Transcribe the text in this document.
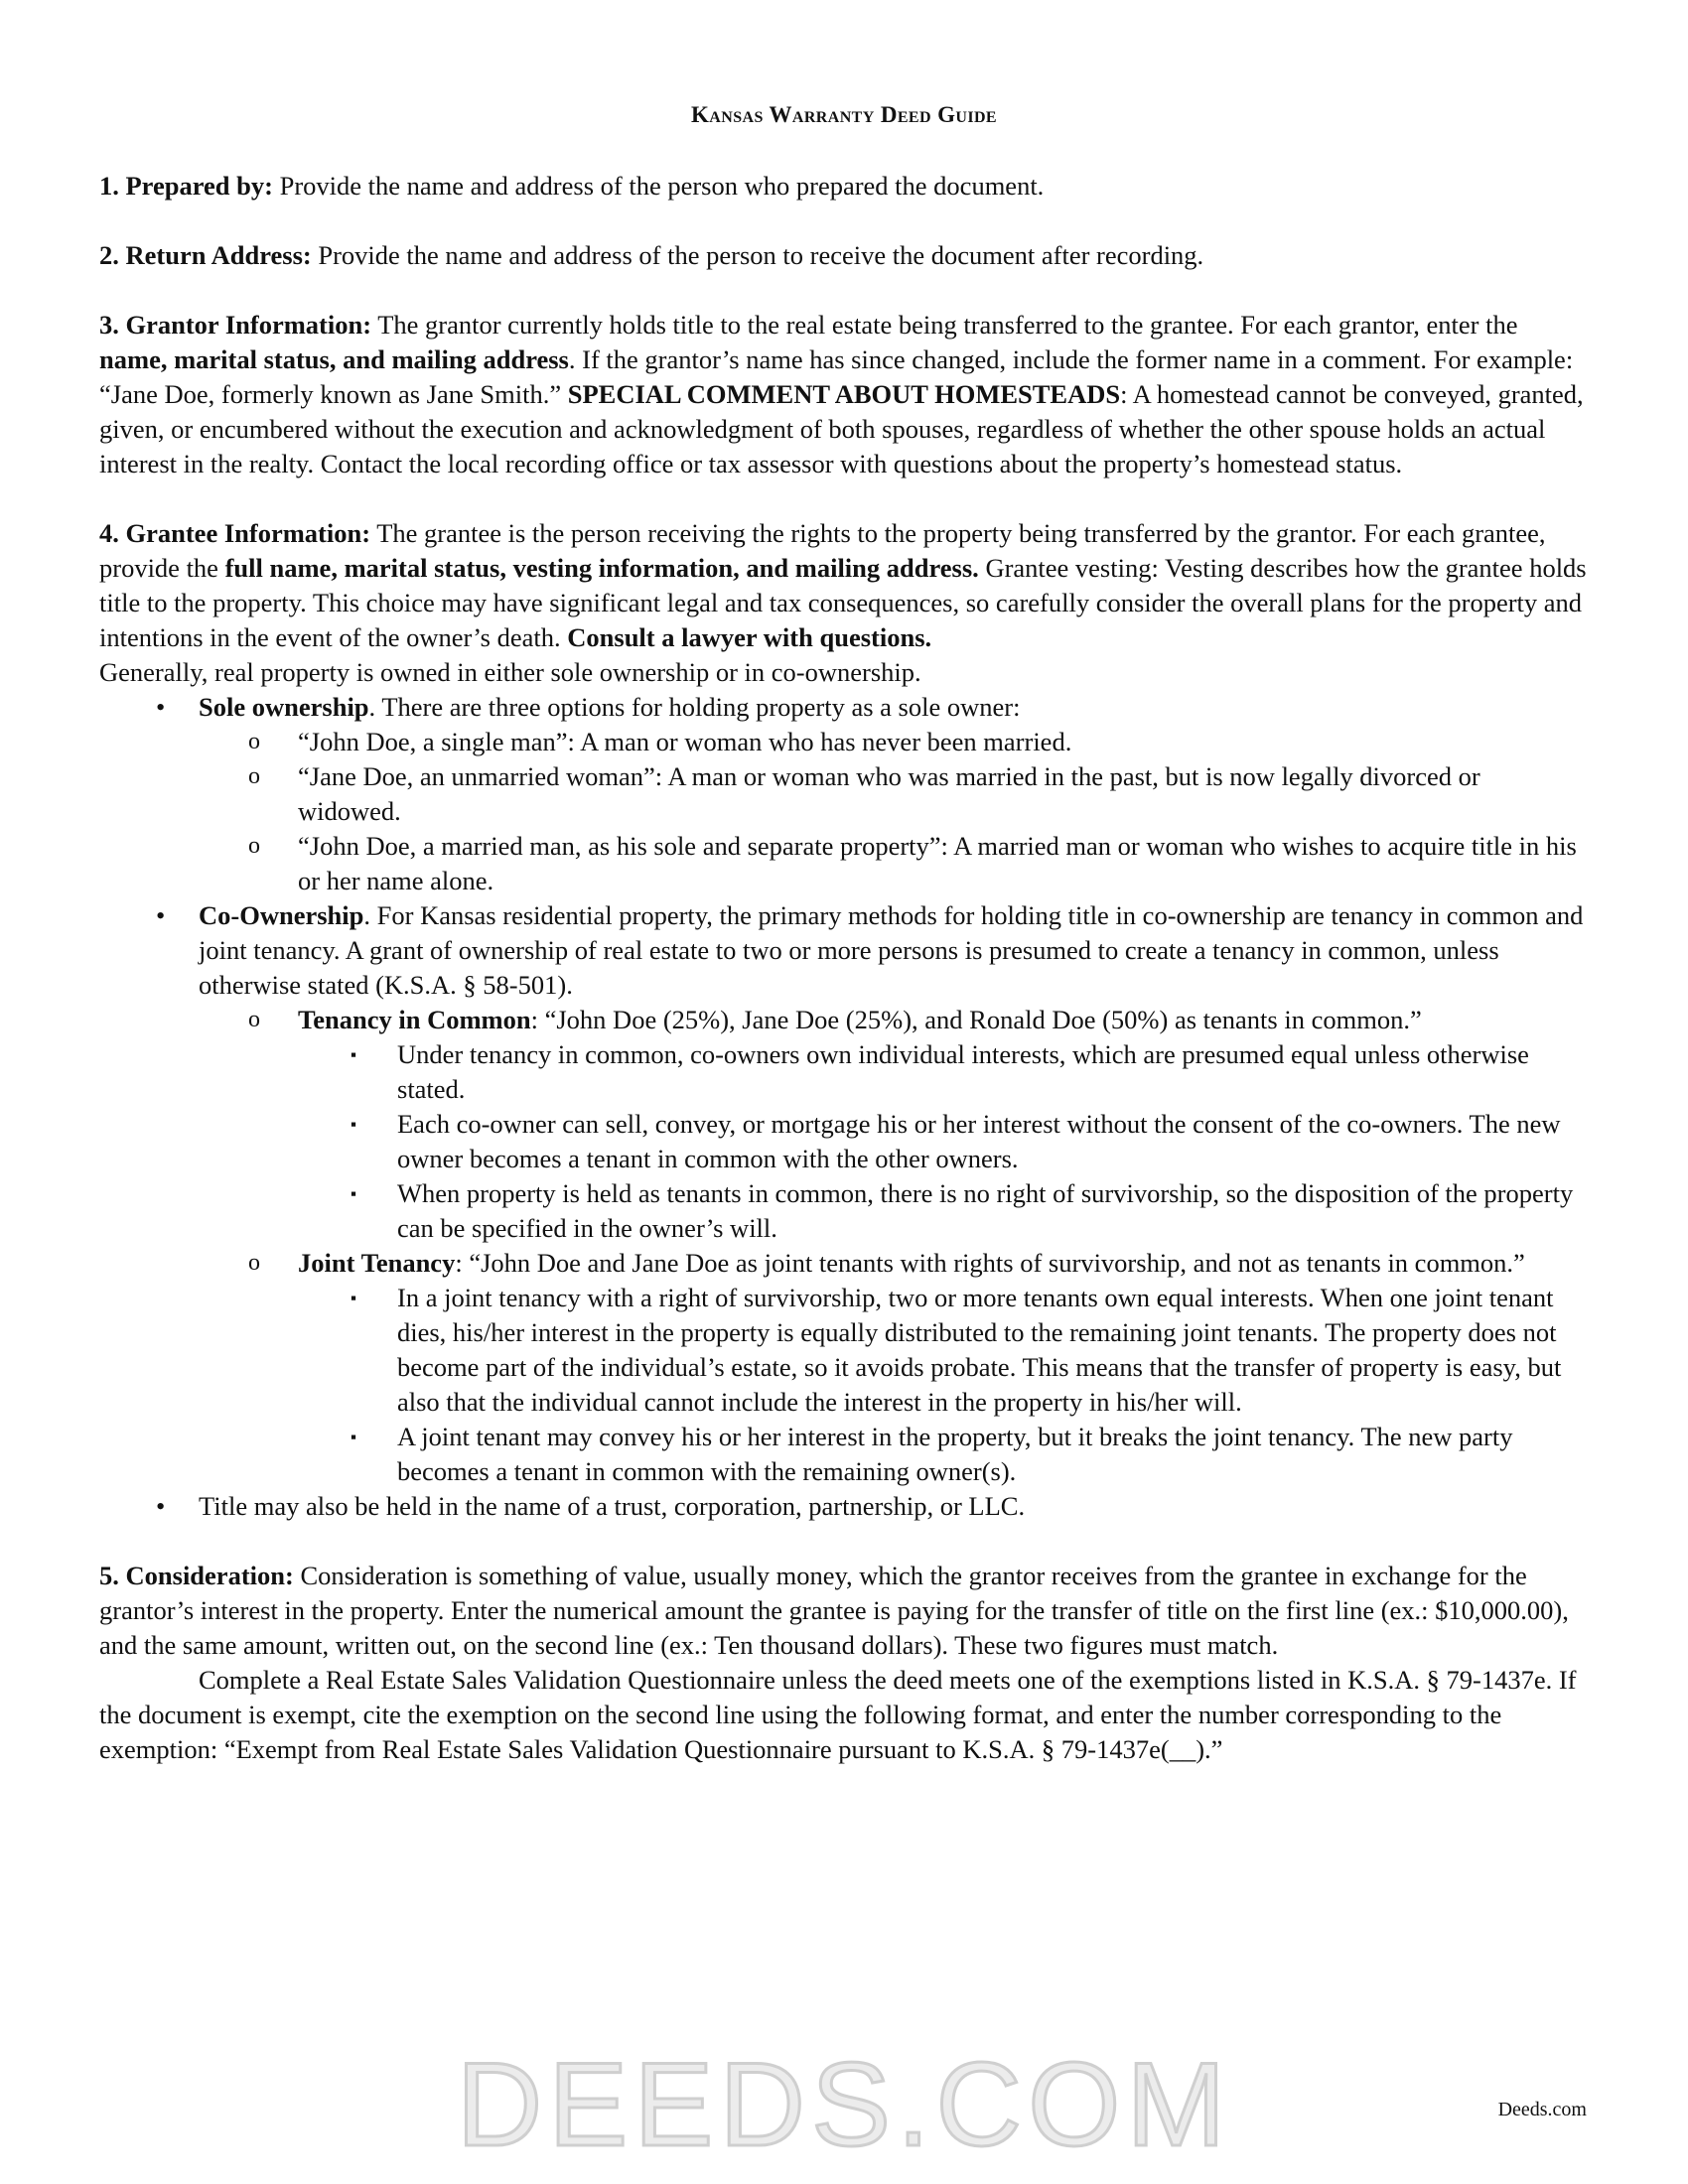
Kansas Warranty Deed Guide

1. Prepared by: Provide the name and address of the person who prepared the document.

2. Return Address: Provide the name and address of the person to receive the document after recording.

3. Grantor Information: The grantor currently holds title to the real estate being transferred to the grantee. For each grantor, enter the name, marital status, and mailing address. If the grantor’s name has since changed, include the former name in a comment. For example: “Jane Doe, formerly known as Jane Smith.” SPECIAL COMMENT ABOUT HOMESTEADS: A homestead cannot be conveyed, granted, given, or encumbered without the execution and acknowledgment of both spouses, regardless of whether the other spouse holds an actual interest in the realty. Contact the local recording office or tax assessor with questions about the property’s homestead status.

4. Grantee Information: The grantee is the person receiving the rights to the property being transferred by the grantor. For each grantee, provide the full name, marital status, vesting information, and mailing address. Grantee vesting: Vesting describes how the grantee holds title to the property. This choice may have significant legal and tax consequences, so carefully consider the overall plans for the property and intentions in the event of the owner’s death. Consult a lawyer with questions.

Generally, real property is owned in either sole ownership or in co-ownership.

• Sole ownership. There are three options for holding property as a sole owner:
o “John Doe, a single man”: A man or woman who has never been married.
o “Jane Doe, an unmarried woman”: A man or woman who was married in the past, but is now legally divorced or widowed.
o “John Doe, a married man, as his sole and separate property”: A married man or woman who wishes to acquire title in his or her name alone.
• Co-Ownership. For Kansas residential property, the primary methods for holding title in co-ownership are tenancy in common and joint tenancy. A grant of ownership of real estate to two or more persons is presumed to create a tenancy in common, unless otherwise stated (K.S.A. § 58-501).
o Tenancy in Common: “John Doe (25%), Jane Doe (25%), and Ronald Doe (50%) as tenants in common.”
▪ Under tenancy in common, co-owners own individual interests, which are presumed equal unless otherwise stated.
▪ Each co-owner can sell, convey, or mortgage his or her interest without the consent of the co-owners. The new owner becomes a tenant in common with the other owners.
▪ When property is held as tenants in common, there is no right of survivorship, so the disposition of the property can be specified in the owner’s will.
o Joint Tenancy: “John Doe and Jane Doe as joint tenants with rights of survivorship, and not as tenants in common.”
▪ In a joint tenancy with a right of survivorship, two or more tenants own equal interests. When one joint tenant dies, his/her interest in the property is equally distributed to the remaining joint tenants. The property does not become part of the individual’s estate, so it avoids probate. This means that the transfer of property is easy, but also that the individual cannot include the interest in the property in his/her will.
▪ A joint tenant may convey his or her interest in the property, but it breaks the joint tenancy. The new party becomes a tenant in common with the remaining owner(s).
• Title may also be held in the name of a trust, corporation, partnership, or LLC.

5. Consideration: Consideration is something of value, usually money, which the grantor receives from the grantee in exchange for the grantor’s interest in the property. Enter the numerical amount the grantee is paying for the transfer of title on the first line (ex.: $10,000.00), and the same amount, written out, on the second line (ex.: Ten thousand dollars). These two figures must match.

Complete a Real Estate Sales Validation Questionnaire unless the deed meets one of the exemptions listed in K.S.A. § 79-1437e. If the document is exempt, cite the exemption on the second line using the following format, and enter the number corresponding to the exemption: “Exempt from Real Estate Sales Validation Questionnaire pursuant to K.S.A. § 79-1437e(__).”

DEEDS.COM	Deeds.com
